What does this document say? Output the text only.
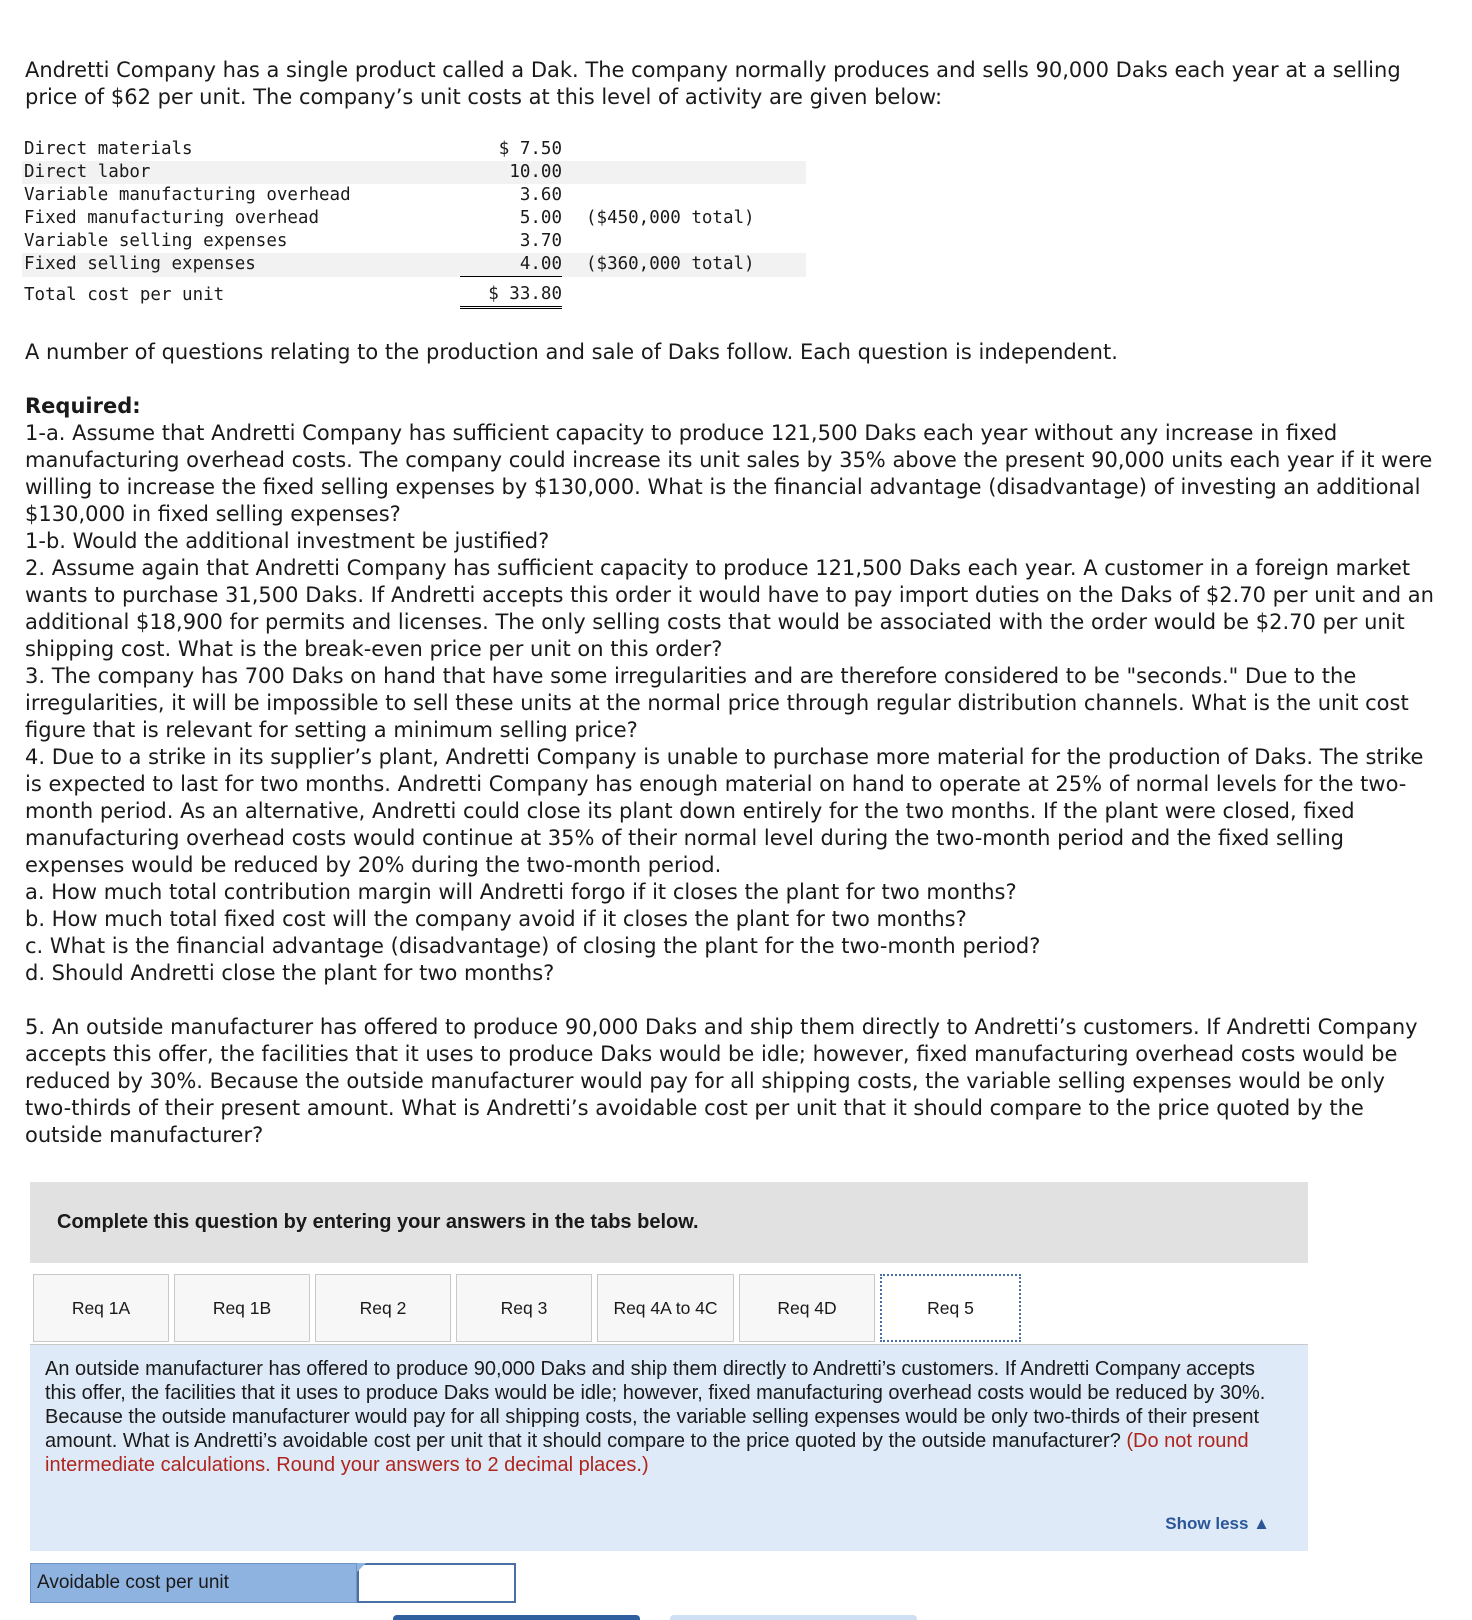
Andretti Company has a single product called a Dak. The company normally produces and sells 90,000 Daks each year at a selling price of $62 per unit. The company’s unit costs at this level of activity are given below:

Direct materials	$ 7.50	
Direct labor	10.00	
Variable manufacturing overhead	3.60	
Fixed manufacturing overhead	5.00	($450,000 total)
Variable selling expenses	3.70	
Fixed selling expenses	4.00	($360,000 total)
Total cost per unit	$ 33.80	

A number of questions relating to the production and sale of Daks follow. Each question is independent.

Required:

1-a. Assume that Andretti Company has sufficient capacity to produce 121,500 Daks each year without any increase in fixed manufacturing overhead costs. The company could increase its unit sales by 35% above the present 90,000 units each year if it were willing to increase the fixed selling expenses by $130,000. What is the financial advantage (disadvantage) of investing an additional $130,000 in fixed selling expenses?

1-b. Would the additional investment be justified?

2. Assume again that Andretti Company has sufficient capacity to produce 121,500 Daks each year. A customer in a foreign market wants to purchase 31,500 Daks. If Andretti accepts this order it would have to pay import duties on the Daks of $2.70 per unit and an additional $18,900 for permits and licenses. The only selling costs that would be associated with the order would be $2.70 per unit shipping cost. What is the break-even price per unit on this order?

3. The company has 700 Daks on hand that have some irregularities and are therefore considered to be "seconds." Due to the irregularities, it will be impossible to sell these units at the normal price through regular distribution channels. What is the unit cost figure that is relevant for setting a minimum selling price?

4. Due to a strike in its supplier’s plant, Andretti Company is unable to purchase more material for the production of Daks. The strike is expected to last for two months. Andretti Company has enough material on hand to operate at 25% of normal levels for the two-month period. As an alternative, Andretti could close its plant down entirely for the two months. If the plant were closed, fixed manufacturing overhead costs would continue at 35% of their normal level during the two-month period and the fixed selling expenses would be reduced by 20% during the two-month period.

a. How much total contribution margin will Andretti forgo if it closes the plant for two months?

b. How much total fixed cost will the company avoid if it closes the plant for two months?

c. What is the financial advantage (disadvantage) of closing the plant for the two-month period?

d. Should Andretti close the plant for two months?

5. An outside manufacturer has offered to produce 90,000 Daks and ship them directly to Andretti’s customers. If Andretti Company accepts this offer, the facilities that it uses to produce Daks would be idle; however, fixed manufacturing overhead costs would be reduced by 30%. Because the outside manufacturer would pay for all shipping costs, the variable selling expenses would be only two-thirds of their present amount. What is Andretti’s avoidable cost per unit that it should compare to the price quoted by the outside manufacturer?

Complete this question by entering your answers in the tabs below.
Req 1A	Req 1B	Req 2	Req 3	Req 4A to 4C	Req 4D	Req 5
An outside manufacturer has offered to produce 90,000 Daks and ship them directly to Andretti’s customers. If Andretti Company accepts this offer, the facilities that it uses to produce Daks would be idle; however, fixed manufacturing overhead costs would be reduced by 30%. Because the outside manufacturer would pay for all shipping costs, the variable selling expenses would be only two-thirds of their present amount. What is Andretti’s avoidable cost per unit that it should compare to the price quoted by the outside manufacturer? (Do not round intermediate calculations. Round your answers to 2 decimal places.)
Show less ▲
Avoidable cost per unit
